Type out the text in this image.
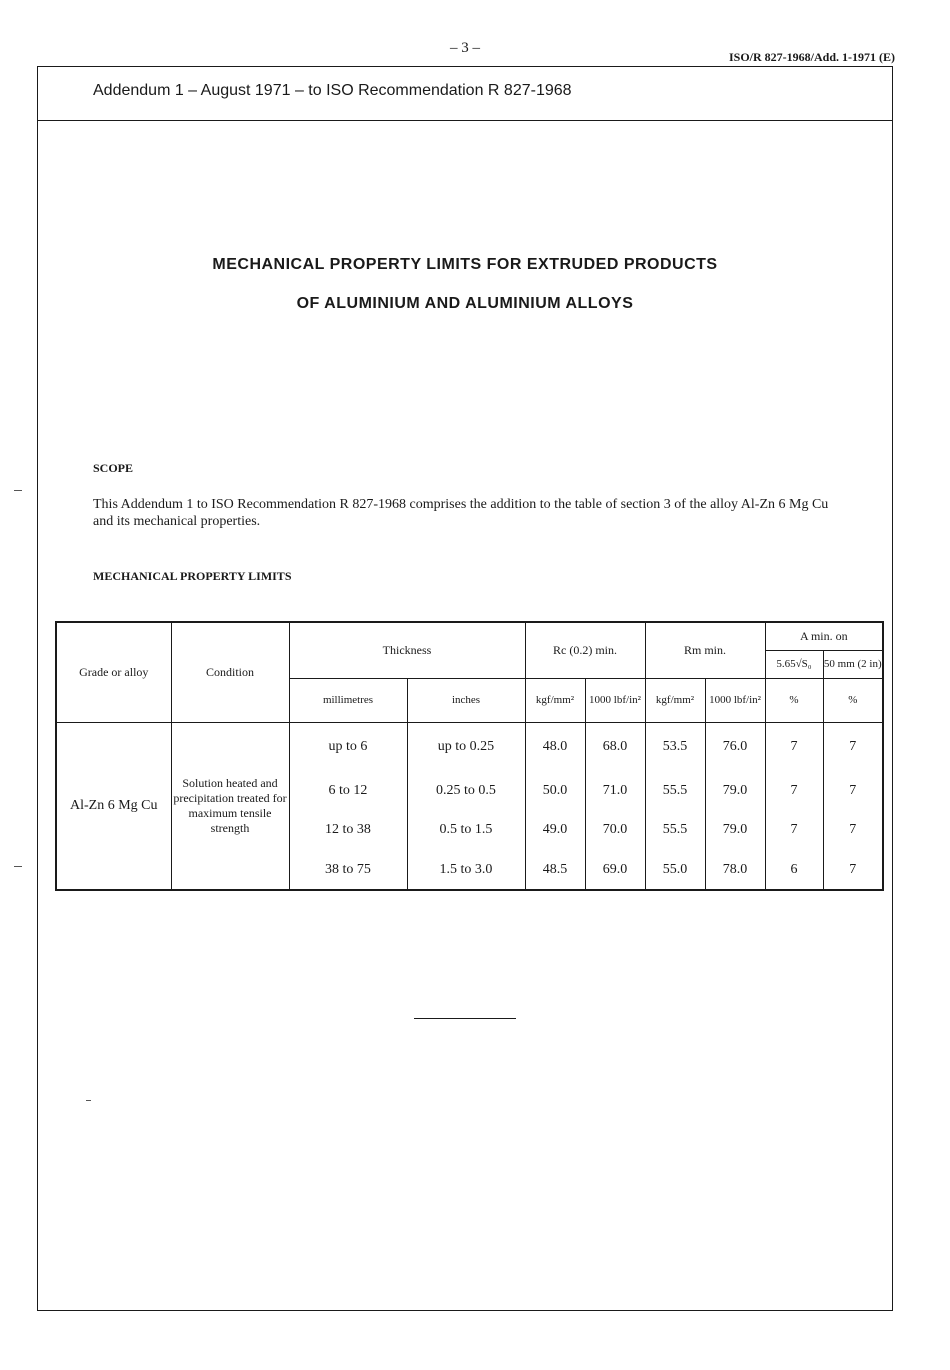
– 3 –
ISO/R 827-1968/Add. 1-1971 (E)
Addendum 1 – August 1971 – to ISO Recommendation R 827-1968
MECHANICAL PROPERTY LIMITS FOR EXTRUDED PRODUCTS
OF ALUMINIUM AND ALUMINIUM ALLOYS
SCOPE
This Addendum 1 to ISO Recommendation R 827-1968 comprises the addition to the table of section 3 of the alloy Al-Zn 6 Mg Cu and its mechanical properties.
MECHANICAL PROPERTY LIMITS
Grade or alloy	Condition	Thickness		Rc (0.2) min.		Rm min.		A min. on	
								5.65√S₀	50 mm (2 in)
		millimetres	inches	kgf/mm²	1000 lbf/in²	kgf/mm²	1000 lbf/in²	%	%
Al-Zn 6 Mg Cu	Solution heated and precipitation treated for maximum tensile strength	up to 6	up to 0.25	48.0	68.0	53.5	76.0	7	7
		6 to 12	0.25 to 0.5	50.0	71.0	55.5	79.0	7	7
		12 to 38	0.5 to 1.5	49.0	70.0	55.5	79.0	7	7
		38 to 75	1.5 to 3.0	48.5	69.0	55.0	78.0	6	7
